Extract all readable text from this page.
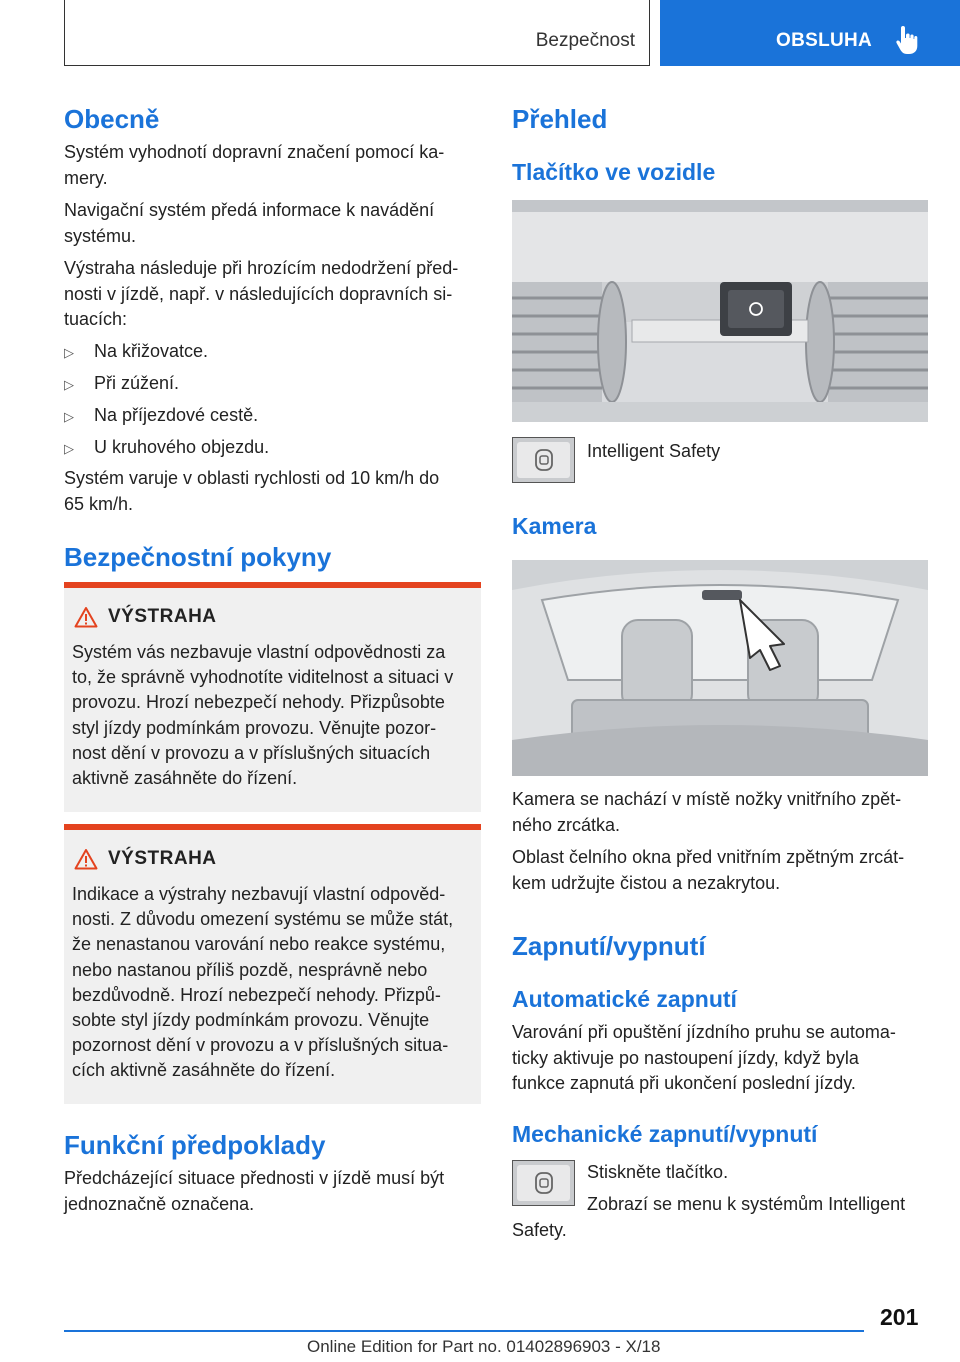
Bezpečnost	OBSLUHA
Obecně
Systém vyhodnotí dopravní značení pomocí ka-
mery.
Navigační systém předá informace k navádění
systému.
Výstraha následuje při hrozícím nedodržení před-
nosti v jízdě, např. v následujících dopravních si-
tuacích:
▷ Na křižovatce.
▷ Při zúžení.
▷ Na příjezdové cestě.
▷ U kruhového objezdu.
Systém varuje v oblasti rychlosti od 10 km/h do
65 km/h.
Bezpečnostní pokyny
VÝSTRAHA
Systém vás nezbavuje vlastní odpovědnosti za
to, že správně vyhodnotíte viditelnost a situaci v
provozu. Hrozí nebezpečí nehody. Přizpůsobte
styl jízdy podmínkám provozu. Věnujte pozor-
nost dění v provozu a v příslušných situacích
aktivně zasáhněte do řízení.
VÝSTRAHA
Indikace a výstrahy nezbavují vlastní odpověd-
nosti. Z důvodu omezení systému se může stát,
že nenastanou varování nebo reakce systému,
nebo nastanou příliš pozdě, nesprávně nebo
bezdůvodně. Hrozí nebezpečí nehody. Přizpů-
sobte styl jízdy podmínkám provozu. Věnujte
pozornost dění v provozu a v příslušných situa-
cích aktivně zasáhněte do řízení.
Funkční předpoklady
Předcházející situace přednosti v jízdě musí být
jednoznačně označena.
Přehled
Tlačítko ve vozidle
Intelligent Safety
Kamera
Kamera se nachází v místě nožky vnitřního zpět-
ného zrcátka.
Oblast čelního okna před vnitřním zpětným zrcát-
kem udržujte čistou a nezakrytou.
Zapnutí/vypnutí
Automatické zapnutí
Varování při opuštění jízdního pruhu se automa-
ticky aktivuje po nastoupení jízdy, když byla
funkce zapnutá při ukončení poslední jízdy.
Mechanické zapnutí/vypnutí
Stiskněte tlačítko.
Zobrazí se menu k systémům Intelligent
Safety.
201
Online Edition for Part no. 01402896903 - X/18
